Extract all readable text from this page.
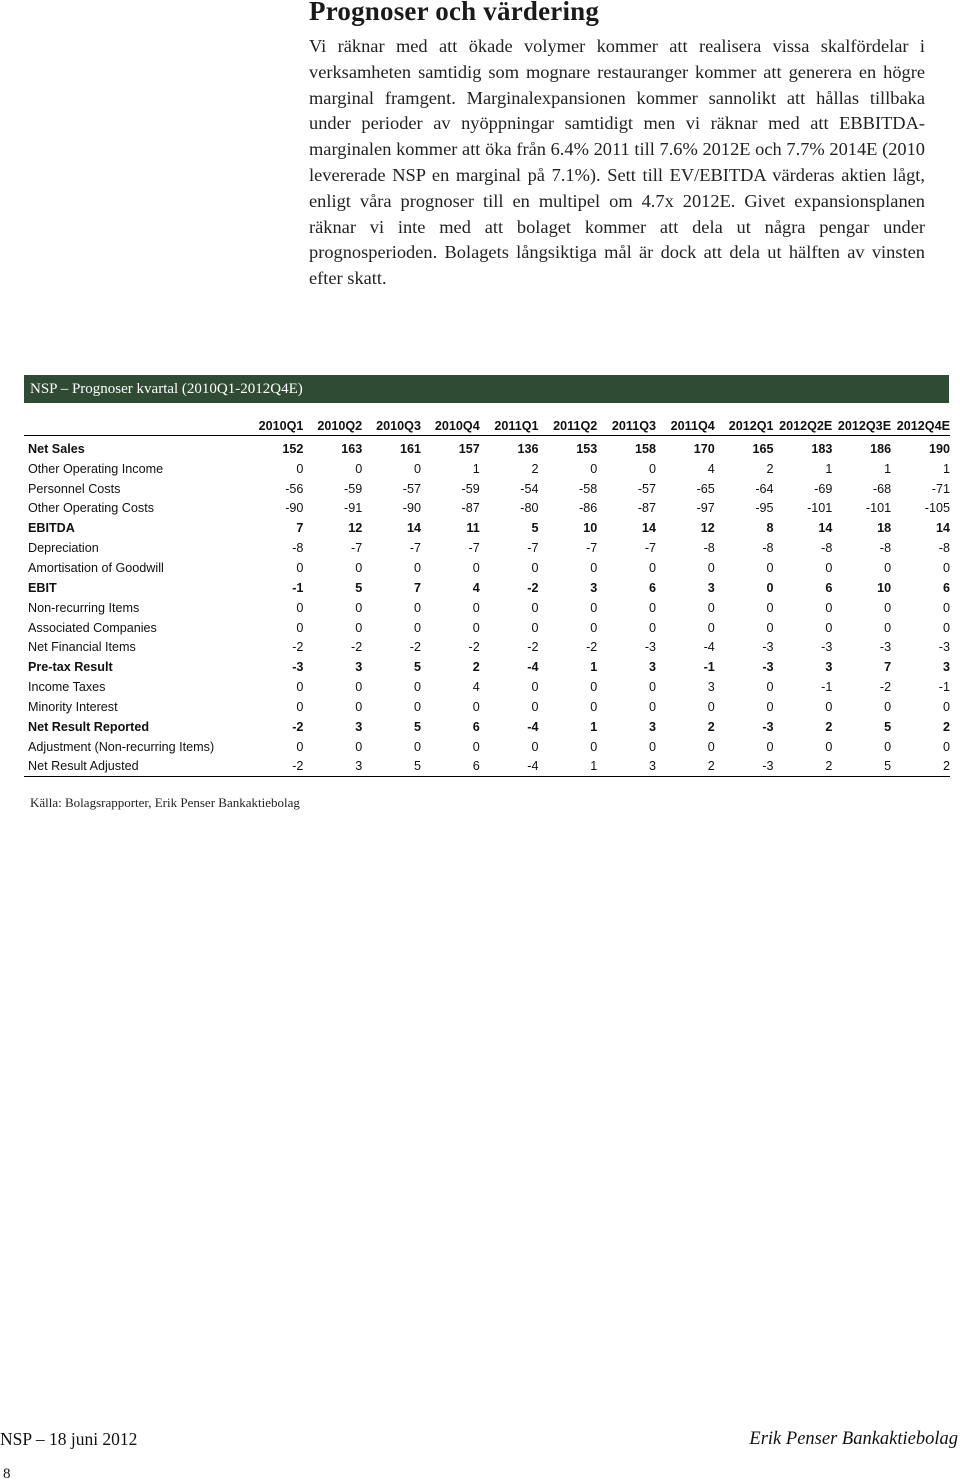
Prognoser och värdering

Vi räknar med att ökade volymer kommer att realisera vissa skalfördelar i verksamheten samtidig som mognare restauranger kommer att generera en högre marginal framgent. Marginalexpansionen kommer sannolikt att hållas tillbaka under perioder av nyöppningar samtidigt men vi räknar med att EBBITDA-marginalen kommer att öka från 6.4% 2011 till 7.6% 2012E och 7.7% 2014E (2010 levererade NSP en marginal på 7.1%). Sett till EV/EBITDA värderas aktien lågt, enligt våra prognoser till en multipel om 4.7x 2012E. Givet expansionsplanen räknar vi inte med att bolaget kommer att dela ut några pengar under prognosperioden. Bolagets långsiktiga mål är dock att dela ut hälften av vinsten efter skatt.

NSP – Prognoser kvartal (2010Q1-2012Q4E)
	2010Q1	2010Q2	2010Q3	2010Q4	2011Q1	2011Q2	2011Q3	2011Q4	2012Q1	2012Q2E	2012Q3E	2012Q4E
Net Sales	152	163	161	157	136	153	158	170	165	183	186	190
Other Operating Income	0	0	0	1	2	0	0	4	2	1	1	1
Personnel Costs	-56	-59	-57	-59	-54	-58	-57	-65	-64	-69	-68	-71
Other Operating Costs	-90	-91	-90	-87	-80	-86	-87	-97	-95	-101	-101	-105
EBITDA	7	12	14	11	5	10	14	12	8	14	18	14
Depreciation	-8	-7	-7	-7	-7	-7	-7	-8	-8	-8	-8	-8
Amortisation of Goodwill	0	0	0	0	0	0	0	0	0	0	0	0
EBIT	-1	5	7	4	-2	3	6	3	0	6	10	6
Non-recurring Items	0	0	0	0	0	0	0	0	0	0	0	0
Associated Companies	0	0	0	0	0	0	0	0	0	0	0	0
Net Financial Items	-2	-2	-2	-2	-2	-2	-3	-4	-3	-3	-3	-3
Pre-tax Result	-3	3	5	2	-4	1	3	-1	-3	3	7	3
Income Taxes	0	0	0	4	0	0	0	3	0	-1	-2	-1
Minority Interest	0	0	0	0	0	0	0	0	0	0	0	0
Net Result Reported	-2	3	5	6	-4	1	3	2	-3	2	5	2
Adjustment (Non-recurring Items)	0	0	0	0	0	0	0	0	0	0	0	0
Net Result Adjusted	-2	3	5	6	-4	1	3	2	-3	2	5	2
Källa: Bolagsrapporter, Erik Penser Bankaktiebolag
NSP – 18 juni 2012	Erik Penser Bankaktiebolag
8
